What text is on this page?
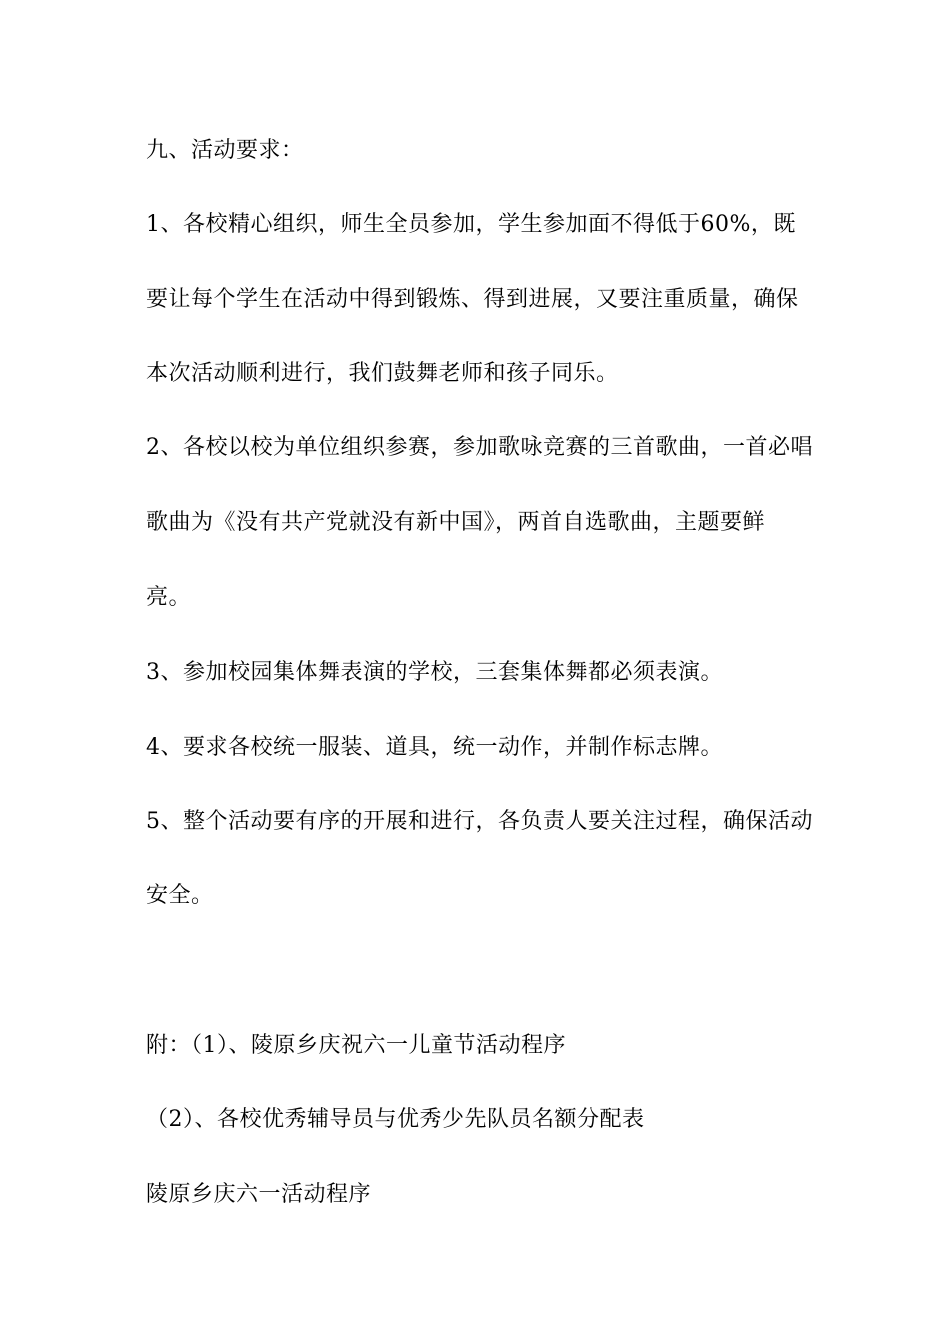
九、活动要求：
1、各校精心组织，师生全员参加，学生参加面不得低于60%，既
要让每个学生在活动中得到锻炼、得到进展，又要注重质量，确保
本次活动顺利进行，我们鼓舞老师和孩子同乐。
2、各校以校为单位组织参赛，参加歌咏竞赛的三首歌曲，一首必唱
歌曲为《没有共产党就没有新中国》，两首自选歌曲，主题要鲜
亮。
3、参加校园集体舞表演的学校，三套集体舞都必须表演。
4、要求各校统一服装、道具，统一动作，并制作标志牌。
5、整个活动要有序的开展和进行，各负责人要关注过程，确保活动
安全。
附：（1）、陵原乡庆祝六一儿童节活动程序
（2）、各校优秀辅导员与优秀少先队员名额分配表
陵原乡庆六一活动程序
